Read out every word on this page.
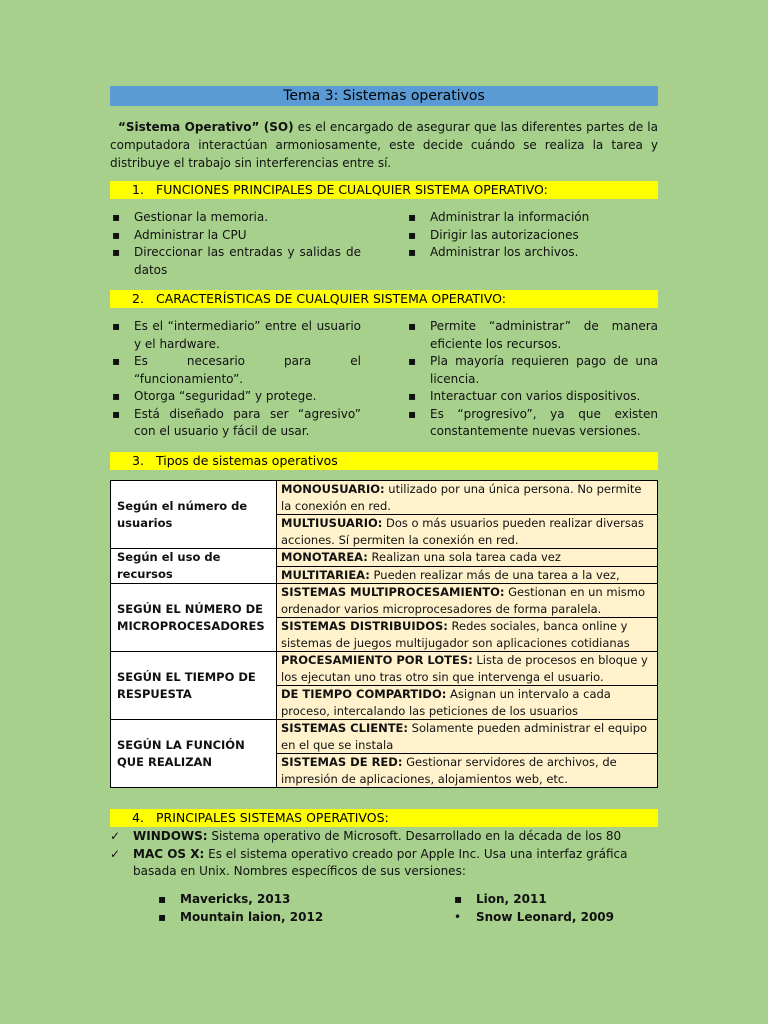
Tema 3: Sistemas operativos
“Sistema Operativo” (SO) es el encargado de asegurar que las diferentes partes de la computadora interactúan armoniosamente, este decide cuándo se realiza la tarea y distribuye el trabajo sin interferencias entre sí.
1. FUNCIONES PRINCIPALES DE CUALQUIER SISTEMA OPERATIVO:
▪ Gestionar la memoria.
▪ Administrar la CPU
▪ Direccionar las entradas y salidas de datos
▪ Administrar la información
▪ Dirigir las autorizaciones
▪ Administrar los archivos.
2. CARACTERÍSTICAS DE CUALQUIER SISTEMA OPERATIVO:
▪ Es el “intermediario” entre el usuario y el hardware.
▪ Es necesario para el “funcionamiento”.
▪ Otorga “seguridad” y protege.
▪ Está diseñado para ser “agresivo” con el usuario y fácil de usar.
▪ Permite “administrar” de manera eficiente los recursos.
▪ Pla mayoría requieren pago de una licencia.
▪ Interactuar con varios dispositivos.
▪ Es “progresivo”, ya que existen constantemente nuevas versiones.
3. Tipos de sistemas operativos
Según el número de usuarios	MONOUSUARIO: utilizado por una única persona. No permite la conexión en red.
	MULTIUSUARIO: Dos o más usuarios pueden realizar diversas acciones. Sí permiten la conexión en red.
Según el uso de recursos	MONOTAREA: Realizan una sola tarea cada vez
	MULTITARIEA: Pueden realizar más de una tarea a la vez,
SEGÚN EL NÚMERO DE MICROPROCESADORES	SISTEMAS MULTIPROCESAMIENTO: Gestionan en un mismo ordenador varios microprocesadores de forma paralela.
	SISTEMAS DISTRIBUIDOS: Redes sociales, banca online y sistemas de juegos multijugador son aplicaciones cotidianas
SEGÚN EL TIEMPO DE RESPUESTA	PROCESAMIENTO POR LOTES: Lista de procesos en bloque y los ejecutan uno tras otro sin que intervenga el usuario.
	DE TIEMPO COMPARTIDO: Asignan un intervalo a cada proceso, intercalando las peticiones de los usuarios
SEGÚN LA FUNCIÓN QUE REALIZAN	SISTEMAS CLIENTE: Solamente pueden administrar el equipo en el que se instala
	SISTEMAS DE RED: Gestionar servidores de archivos, de impresión de aplicaciones, alojamientos web, etc.
4. PRINCIPALES SISTEMAS OPERATIVOS:
✓ WINDOWS: Sistema operativo de Microsoft. Desarrollado en la década de los 80
✓ MAC OS X: Es el sistema operativo creado por Apple Inc. Usa una interfaz gráfica basada en Unix. Nombres específicos de sus versiones:
▪ Mavericks, 2013
▪ Mountain laion, 2012
▪ Lion, 2011
• Snow Leonard, 2009
